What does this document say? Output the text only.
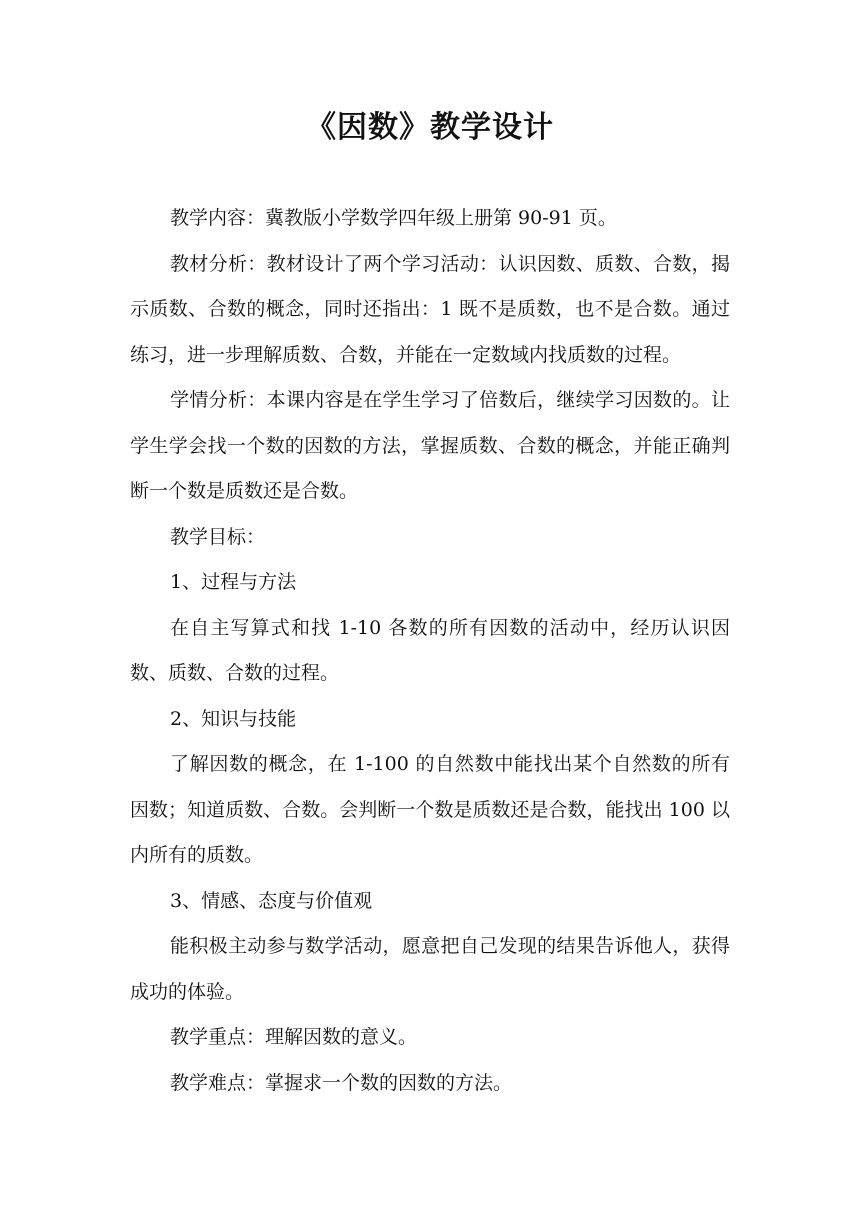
《因数》教学设计

教学内容：冀教版小学数学四年级上册第 90-91 页。

教材分析：教材设计了两个学习活动：认识因数、质数、合数，揭示质数、合数的概念，同时还指出：1 既不是质数，也不是合数。通过练习，进一步理解质数、合数，并能在一定数域内找质数的过程。

学情分析：本课内容是在学生学习了倍数后，继续学习因数的。让学生学会找一个数的因数的方法，掌握质数、合数的概念，并能正确判断一个数是质数还是合数。

教学目标：

1、过程与方法

在自主写算式和找 1-10 各数的所有因数的活动中，经历认识因数、质数、合数的过程。

2、知识与技能

了解因数的概念，在 1-100 的自然数中能找出某个自然数的所有因数；知道质数、合数。会判断一个数是质数还是合数，能找出 100 以内所有的质数。

3、情感、态度与价值观

能积极主动参与数学活动，愿意把自己发现的结果告诉他人，获得成功的体验。

教学重点：理解因数的意义。

教学难点：掌握求一个数的因数的方法。
